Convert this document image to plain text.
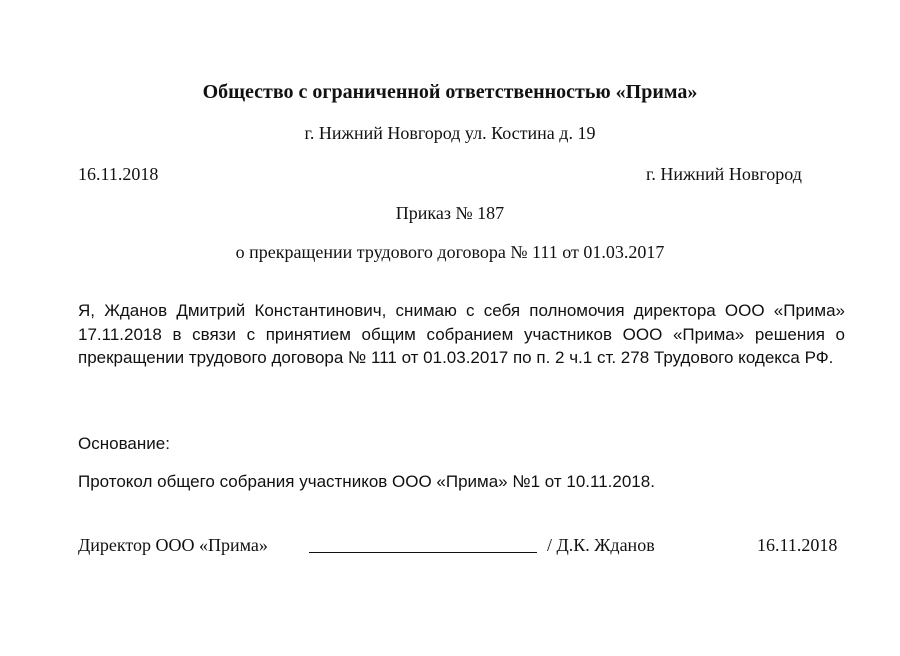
Общество с ограниченной ответственностью «Прима»
г. Нижний Новгород ул. Костина д. 19
16.11.2018	г. Нижний Новгород
Приказ № 187
о прекращении трудового договора № 111 от 01.03.2017
Я, Жданов Дмитрий Константинович, снимаю с себя полномочия директора ООО «Прима» 17.11.2018 в связи с принятием общим собранием участников ООО «Прима» решения о прекращении трудового договора № 111 от 01.03.2017 по п. 2 ч.1 ст. 278 Трудового кодекса РФ.
Основание:
Протокол общего собрания участников ООО «Прима» №1 от 10.11.2018.
Директор ООО «Прима»	/ Д.К. Жданов	16.11.2018
